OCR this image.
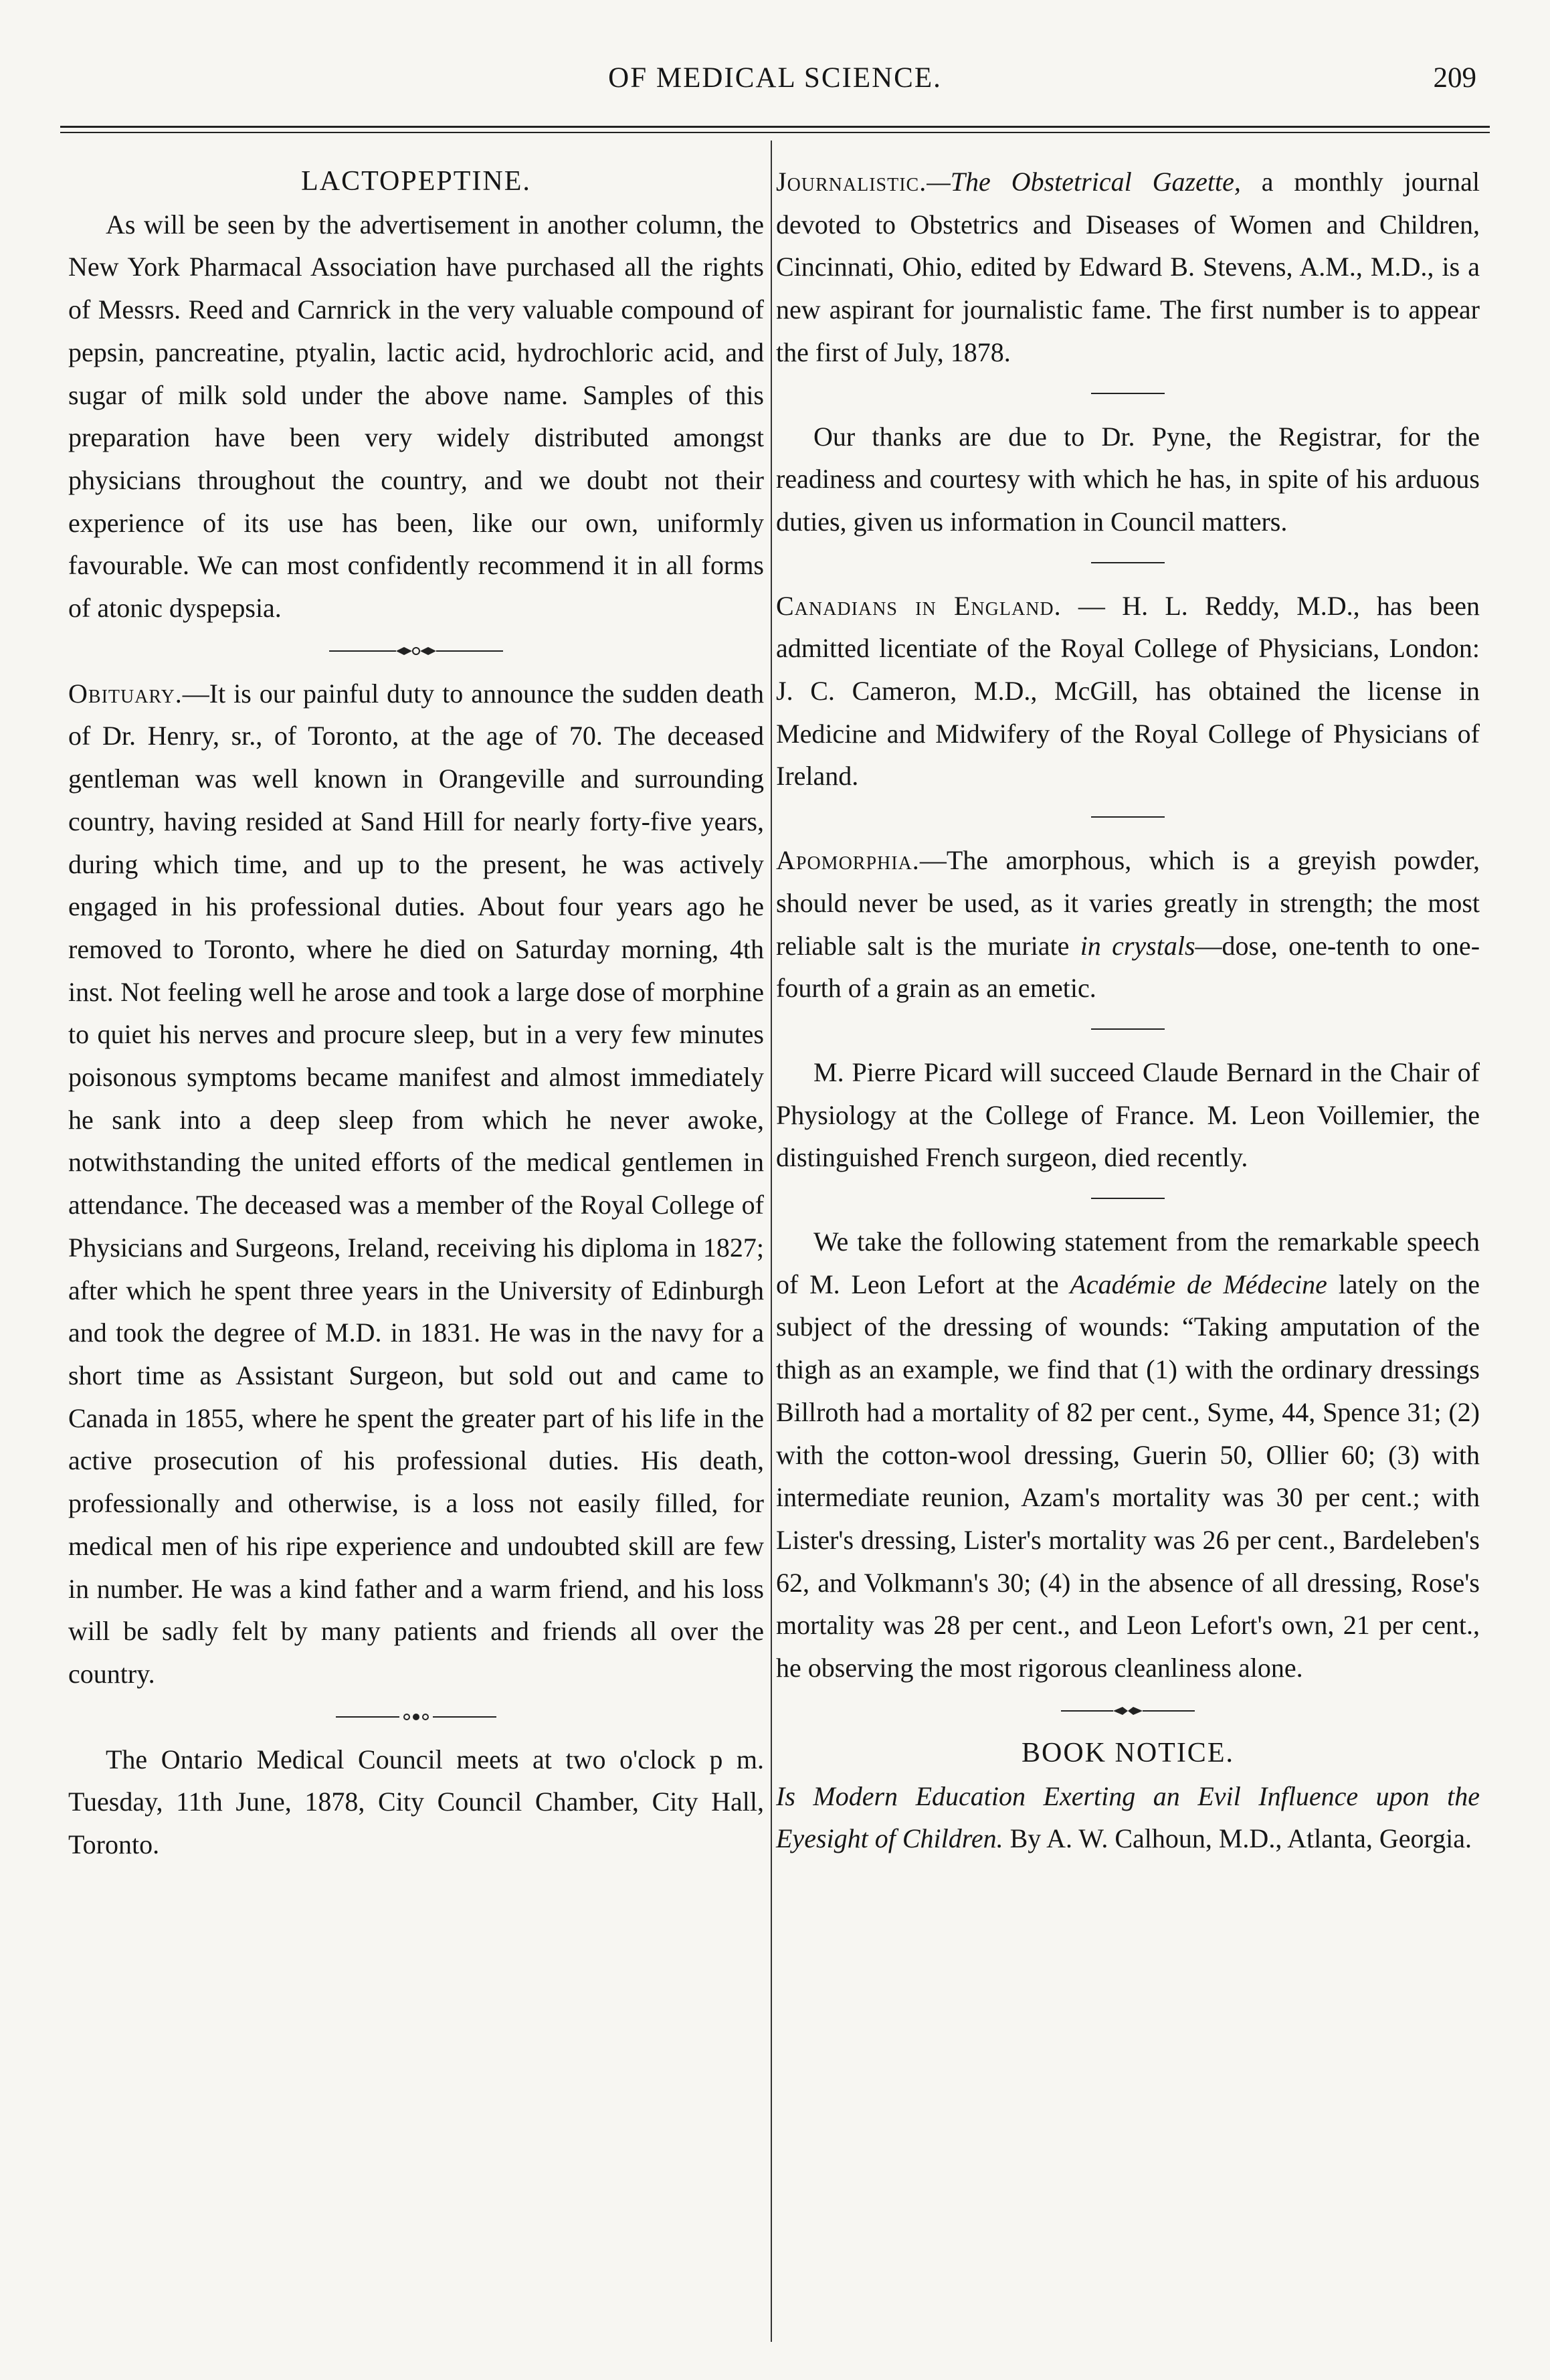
OF MEDICAL SCIENCE.	209
LACTOPEPTINE.

As will be seen by the advertisement in another column, the New York Pharmacal Association have purchased all the rights of Messrs. Reed and Carnrick in the very valuable compound of pepsin, pancreatine, ptyalin, lactic acid, hydrochloric acid, and sugar of milk sold under the above name. Samples of this preparation have been very widely distributed amongst physicians throughout the country, and we doubt not their experience of its use has been, like our own, uniformly favourable. We can most confidently recommend it in all forms of atonic dyspepsia.

Obituary.—It is our painful duty to announce the sudden death of Dr. Henry, sr., of Toronto, at the age of 70. The deceased gentleman was well known in Orangeville and surrounding country, having resided at Sand Hill for nearly forty-five years, during which time, and up to the present, he was actively engaged in his professional duties. About four years ago he removed to Toronto, where he died on Saturday morning, 4th inst. Not feeling well he arose and took a large dose of morphine to quiet his nerves and procure sleep, but in a very few minutes poisonous symptoms became manifest and almost immediately he sank into a deep sleep from which he never awoke, notwithstanding the united efforts of the medical gentlemen in attendance. The deceased was a member of the Royal College of Physicians and Surgeons, Ireland, receiving his diploma in 1827; after which he spent three years in the University of Edinburgh and took the degree of M.D. in 1831. He was in the navy for a short time as Assistant Surgeon, but sold out and came to Canada in 1855, where he spent the greater part of his life in the active prosecution of his professional duties. His death, professionally and otherwise, is a loss not easily filled, for medical men of his ripe experience and undoubted skill are few in number. He was a kind father and a warm friend, and his loss will be sadly felt by many patients and friends all over the country.

The Ontario Medical Council meets at two o'clock p m. Tuesday, 11th June, 1878, City Council Chamber, City Hall, Toronto.

Journalistic.—The Obstetrical Gazette, a monthly journal devoted to Obstetrics and Diseases of Women and Children, Cincinnati, Ohio, edited by Edward B. Stevens, A.M., M.D., is a new aspirant for journalistic fame. The first number is to appear the first of July, 1878.

Our thanks are due to Dr. Pyne, the Registrar, for the readiness and courtesy with which he has, in spite of his arduous duties, given us information in Council matters.

Canadians in England. — H. L. Reddy, M.D., has been admitted licentiate of the Royal College of Physicians, London: J. C. Cameron, M.D., McGill, has obtained the license in Medicine and Midwifery of the Royal College of Physicians of Ireland.

Apomorphia.—The amorphous, which is a greyish powder, should never be used, as it varies greatly in strength; the most reliable salt is the muriate in crystals—dose, one-tenth to one-fourth of a grain as an emetic.

M. Pierre Picard will succeed Claude Bernard in the Chair of Physiology at the College of France. M. Leon Voillemier, the distinguished French surgeon, died recently.

We take the following statement from the remarkable speech of M. Leon Lefort at the Académie de Médecine lately on the subject of the dressing of wounds: “Taking amputation of the thigh as an example, we find that (1) with the ordinary dressings Billroth had a mortality of 82 per cent., Syme, 44, Spence 31; (2) with the cotton-wool dressing, Guerin 50, Ollier 60; (3) with intermediate reunion, Azam's mortality was 30 per cent.; with Lister's dressing, Lister's mortality was 26 per cent., Bardeleben's 62, and Volkmann's 30; (4) in the absence of all dressing, Rose's mortality was 28 per cent., and Leon Lefort's own, 21 per cent., he observing the most rigorous cleanliness alone.

BOOK NOTICE.

Is Modern Education Exerting an Evil Influence upon the Eyesight of Children. By A. W. Calhoun, M.D., Atlanta, Georgia.
